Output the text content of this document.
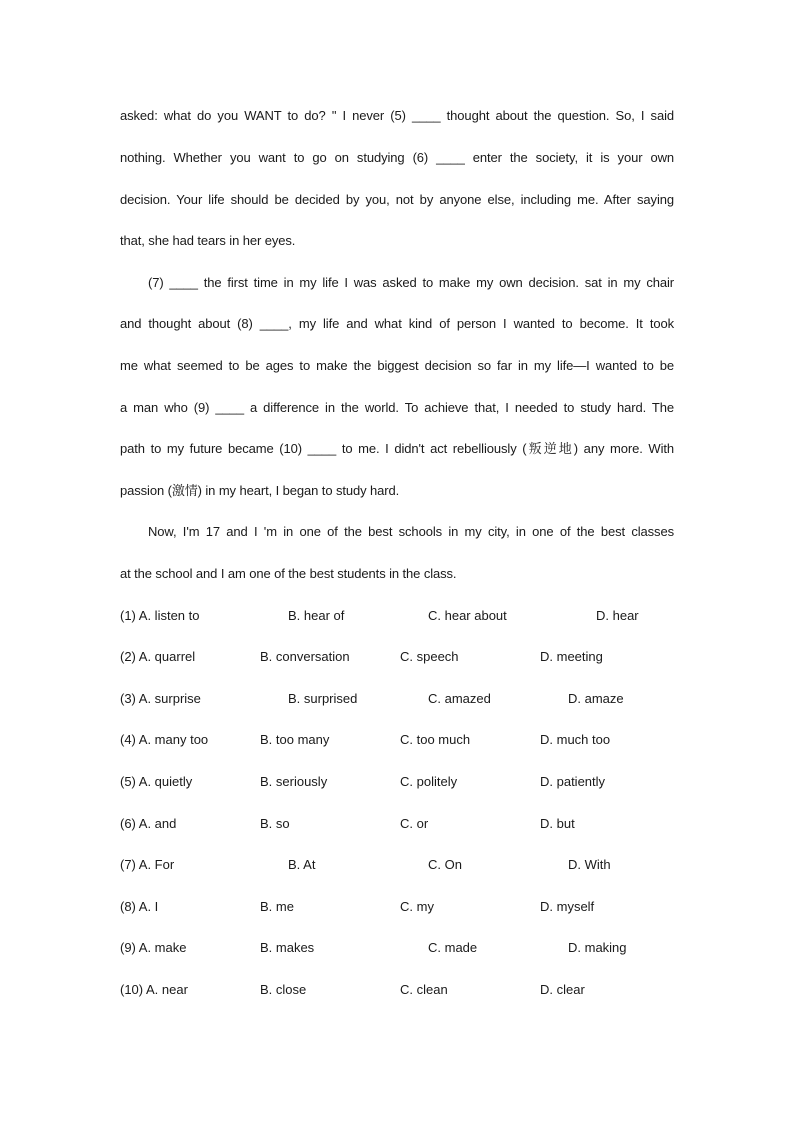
asked: what do you WANT to do? " I never (5) ____ thought about the question. So, I said
nothing. Whether you want to go on studying (6) ____ enter the society, it is your own
decision. Your life should be decided by you, not by anyone else, including me. After saying
that, she had tears in her eyes.
(7) ____ the first time in my life I was asked to make my own decision. sat in my chair
and thought about (8) ____, my life and what kind of person I wanted to become. It took
me what seemed to be ages to make the biggest decision so far in my life—I wanted to be
a man who (9) ____ a difference in the world. To achieve that, I needed to study hard. The
path to my future became (10) ____ to me. I didn't act rebelliously (叛逆地) any more. With
passion (激情) in my heart, I began to study hard.
Now, I'm 17 and I 'm in one of the best schools in my city, in one of the best classes
at the school and I am one of the best students in the class.
(1) A. listen to	B. hear of	C. hear about	D. hear
(2) A. quarrel	B. conversation	C. speech	D. meeting
(3) A. surprise	B. surprised	C. amazed	D. amaze
(4) A. many too	B. too many	C. too much	D. much too
(5) A. quietly	B. seriously	C. politely	D. patiently
(6) A. and	B. so	C. or	D. but
(7) A. For	B. At	C. On	D. With
(8) A. I	B. me	C. my	D. myself
(9) A. make	B. makes	C. made	D. making
(10) A. near	B. close	C. clean	D. clear
